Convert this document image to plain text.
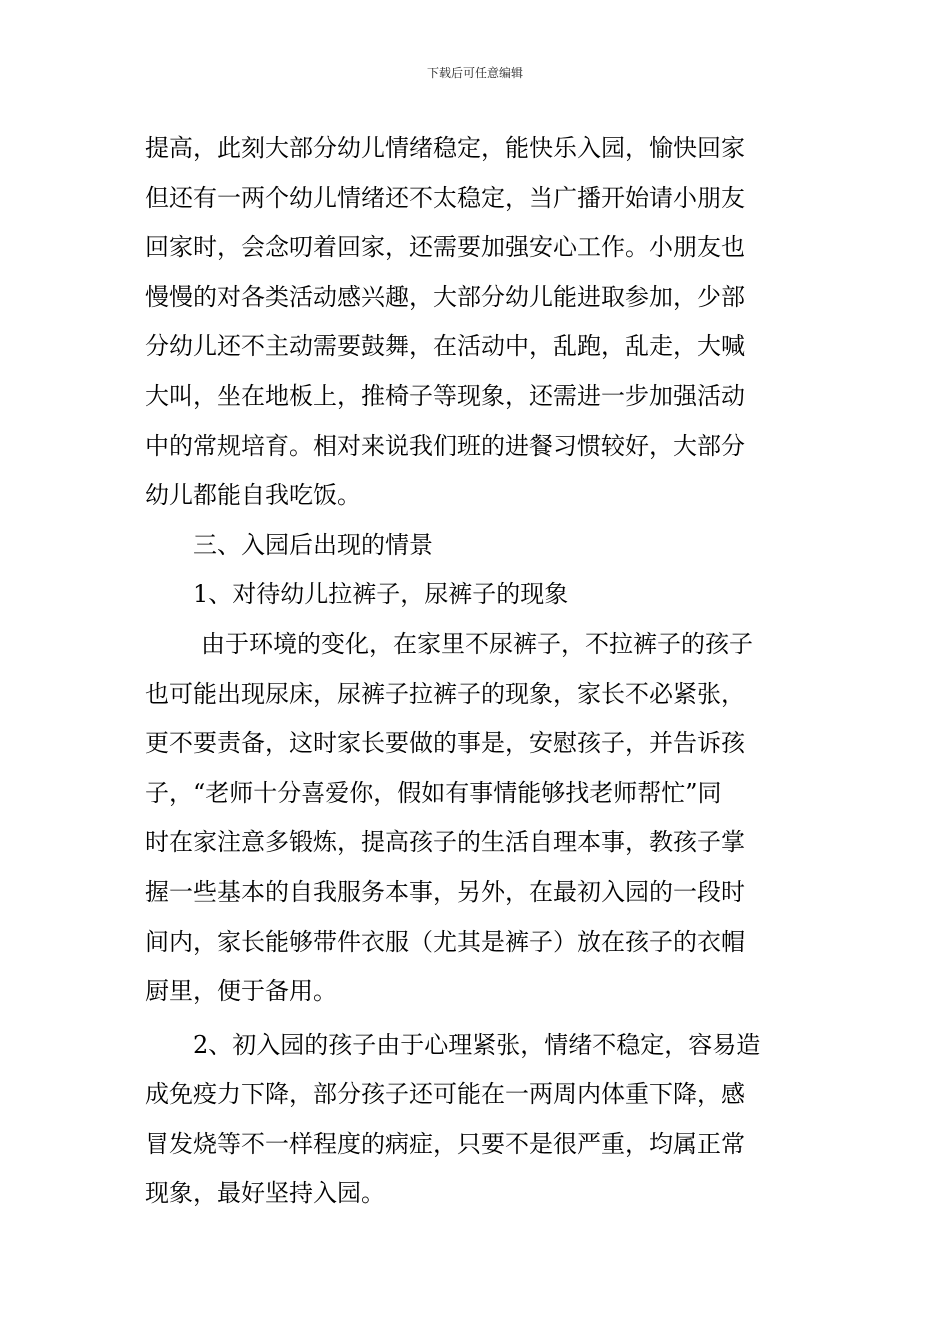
下载后可任意编辑
提高，此刻大部分幼儿情绪稳定，能快乐入园，愉快回家
但还有一两个幼儿情绪还不太稳定，当广播开始请小朋友
回家时，会念叨着回家，还需要加强安心工作。小朋友也
慢慢的对各类活动感兴趣，大部分幼儿能进取参加，少部
分幼儿还不主动需要鼓舞，在活动中，乱跑，乱走，大喊
大叫，坐在地板上，推椅子等现象，还需进一步加强活动
中的常规培育。相对来说我们班的进餐习惯较好，大部分
幼儿都能自我吃饭。
三、入园后出现的情景
1、对待幼儿拉裤子，尿裤子的现象
由于环境的变化，在家里不尿裤子，不拉裤子的孩子
也可能出现尿床，尿裤子拉裤子的现象，家长不必紧张，
更不要责备，这时家长要做的事是，安慰孩子，并告诉孩
子，“老师十分喜爱你，假如有事情能够找老师帮忙”同
时在家注意多锻炼，提高孩子的生活自理本事，教孩子掌
握一些基本的自我服务本事，另外，在最初入园的一段时
间内，家长能够带件衣服（尤其是裤子）放在孩子的衣帽
厨里，便于备用。
2、初入园的孩子由于心理紧张，情绪不稳定，容易造
成免疫力下降，部分孩子还可能在一两周内体重下降，感
冒发烧等不一样程度的病症，只要不是很严重，均属正常
现象，最好坚持入园。
